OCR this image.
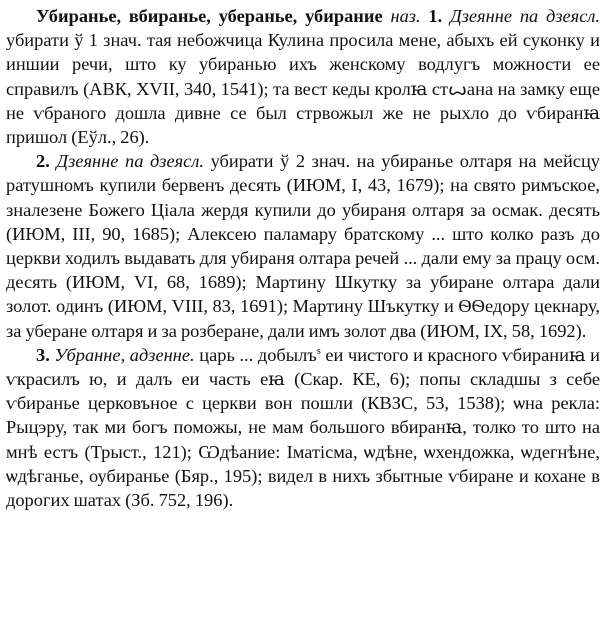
Убиранье, вбиранье, уберанье, убирание наз. 1. Дзеяннe па дзеясл. убирати ў 1 знач. тая небожчица Кулина просила мене, абыхъ ей суконку и иншии речи, што ку убиранью ихъ женскому водлугъ можности ее справилъ (АВК, XVII, 340, 1541); та вест кеды кролꙗ стꙍана на замку еще не ѵбраного дошла дивне се был стрвожыл же не рыхло до ѵбиранꙗ пришол (Еўл., 26).

2. Дзеяннe па дзеясл. убирати ў 2 знач. на убиранье олтаря на мейсцу ратушномъ купили бервенъ десять (ИЮМ, I, 43, 1679); на свято римъское, зналезене Божего Ціала жердя купили до убираня олтаря за осмак. десять (ИЮМ, III, 90, 1685); Алексею паламару братскому ... што колко разъ до церкви ходилъ выдавать для убираня олтара речей ... дали ему за працу осм. десять (ИЮМ, VI, 68, 1689); Мартину Шкутку за убиране олтара дали золот. одинъ (ИЮМ, VIII, 83, 1691); Мартину Шъкутку и ѲѲедору цекнару, за уберане олтаря и за розберане, дали имъ золот два (ИЮМ, IX, 58, 1692).

3. Убранне, адзенне. царь ... добылъ$^s$ еи чистого и красного ѵбираниꙗ и ѵкрасилъ ю, и далъ еи часть еꙗ (Скар. КЕ, 6); попы складшы з себе ѵбиранье церковъное с церкви вон пошли (КВЗС, 53, 1538); ѡна рекла: Рыцэру, так ми богъ поможы, не мам большого вбиранꙗ, толко то што на мнѣ естъ (Трыст., 121); Ѡдѣание: Іматісма, ѡдѣне, ѡхендожка, ѡдегнѣне, ѡдѣганье, оубиранье (Бяр., 195); видел в нихъ збытные ѵбиране и кохане в дорогих шатах (Зб. 752, 196).
